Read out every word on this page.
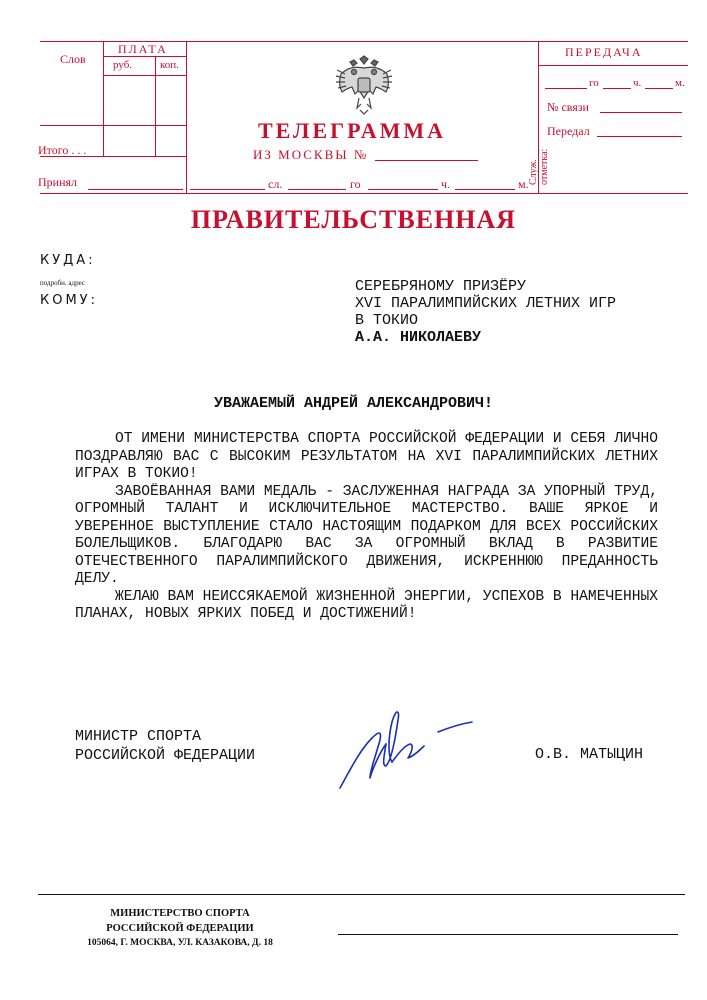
Слов
ПЛАТА
руб.	коп.
Итого . . .
Принял
ТЕЛЕГРАММА
ИЗ МОСКВЫ №
сл.	го	ч.	м.
ПЕРЕДАЧА
го	ч.	м.
№ связи
Передал
Служ. отметка:
ПРАВИТЕЛЬСТВЕННАЯ
КУДА:
подробн. адрес
КОМУ:
СЕРЕБРЯНОМУ ПРИЗЁРУ
XVI ПАРАЛИМПИЙСКИХ ЛЕТНИХ ИГР
В ТОКИО
А.А. НИКОЛАЕВУ
УВАЖАЕМЫЙ АНДРЕЙ АЛЕКСАНДРОВИЧ!

ОТ ИМЕНИ МИНИСТЕРСТВА СПОРТА РОССИЙСКОЙ ФЕДЕРАЦИИ И СЕБЯ ЛИЧНО ПОЗДРАВЛЯЮ ВАС С ВЫСОКИМ РЕЗУЛЬТАТОМ НА XVI ПАРАЛИМПИЙСКИХ ЛЕТНИХ ИГРАХ В ТОКИО!

ЗАВОЁВАННАЯ ВАМИ МЕДАЛЬ - ЗАСЛУЖЕННАЯ НАГРАДА ЗА УПОРНЫЙ ТРУД, ОГРОМНЫЙ ТАЛАНТ И ИСКЛЮЧИТЕЛЬНОЕ МАСТЕРСТВО. ВАШЕ ЯРКОЕ И УВЕРЕННОЕ ВЫСТУПЛЕНИЕ СТАЛО НАСТОЯЩИМ ПОДАРКОМ ДЛЯ ВСЕХ РОССИЙСКИХ БОЛЕЛЬЩИКОВ. БЛАГОДАРЮ ВАС ЗА ОГРОМНЫЙ ВКЛАД В РАЗВИТИЕ ОТЕЧЕСТВЕННОГО ПАРАЛИМПИЙСКОГО ДВИЖЕНИЯ, ИСКРЕННЮЮ ПРЕДАННОСТЬ ДЕЛУ.

ЖЕЛАЮ ВАМ НЕИССЯКАЕМОЙ ЖИЗНЕННОЙ ЭНЕРГИИ, УСПЕХОВ В НАМЕЧЕННЫХ ПЛАНАХ, НОВЫХ ЯРКИХ ПОБЕД И ДОСТИЖЕНИЙ!

МИНИСТР СПОРТА
РОССИЙСКОЙ ФЕДЕРАЦИИ	О.В. МАТЫЦИН
МИНИСТЕРСТВО СПОРТА
РОССИЙСКОЙ ФЕДЕРАЦИИ
105064, Г. МОСКВА, УЛ. КАЗАКОВА, Д. 18
